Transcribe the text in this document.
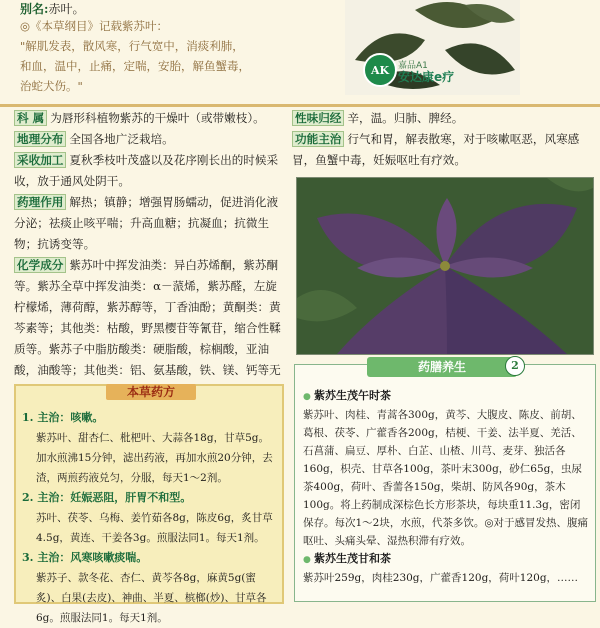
别名:赤叶。
◎《本草纲目》记载紫苏叶：
"解肌发表，散风寒，行气宽中，消痰利肺，
和血，温中，止痛，定喘，安胎，解鱼蟹毒，
治蛇犬伤。"
AK 嘉品A1
安达康e疗
科 属 为唇形科植物紫苏的干燥叶（或带嫩枝）。
地理分布 全国各地广泛栽培。
采收加工 夏秋季枝叶茂盛以及花序刚长出的时候采收，放于通风处阴干。
药理作用 解热；镇静；增强胃肠蠕动，促进消化液分泌；祛痰止咳平喘；升高血糖；抗凝血；抗微生物；抗诱变等。
化学成分 紫苏叶中挥发油类：异白苏烯酮，紫苏酮等。紫苏全草中挥发油类：α－蒎烯，紫苏醛，左旋柠檬烯，薄荷醇，紫苏醇等，丁香油酚；黄酮类：黄芩素等；其他类：枯酸，野黑樱苷等氰苷，缩合性鞣质等。紫苏子中脂肪酸类：硬脂酸，棕榈酸，亚油酸，油酸等；其他类：铝、氨基酸，铁、镁、钙等无
性味归经 辛，温。归肺、脾经。
功能主治 行气和胃，解表散寒，对于咳嗽呕恶，风寒感冒，鱼蟹中毒，妊娠呕吐有疗效。
本草药方
1. 主治：咳嗽。
紫苏叶、甜杏仁、枇杷叶、大蒜各18g，甘草5g。加水煎沸15分钟，滤出药液，再加水煎20分钟，去渣，两煎药液兑匀，分服，每天1～2剂。
2. 主治：妊娠恶阻，肝胃不和型。
苏叶、茯苓、乌梅、姜竹茹各8g，陈皮6g，炙甘草4.5g，黄连、干姜各3g。煎服法同1。每天1剂。
3. 主治：风寒咳嗽痰喘。
紫苏子、款冬花、杏仁、黄芩各8g，麻黄5g(蜜炙)、白果(去皮)、神曲、半夏、槟榔(炒)、甘草各6g。煎服法同1。每天1剂。
药膳养生	2
● 紫苏生茂午时茶
紫苏叶、肉桂、青蒿各300g，黄芩、大腹皮、陈皮、前胡、葛根、茯苓、广藿香各200g，桔梗、干姜、法半夏、羌活、石菖蒲、扁豆、厚朴、白芷、山楂、川芎、麦芽、独活各160g，枳壳、甘草各100g，茶叶末300g，砂仁65g，虫尿茶400g，荷叶、香薷各150g，柴胡、防风各90g，茶木100g。将上药制成深棕色长方形茶块，每块重11.3g，密闭保存。每次1～2块，水煎，代茶多饮。◎对于感冒发热、腹痛呕吐、头痛头晕、湿热积滞有疗效。
● 紫苏生茂甘和茶
紫苏叶259g，肉桂230g，广藿香120g，荷叶120g，……
